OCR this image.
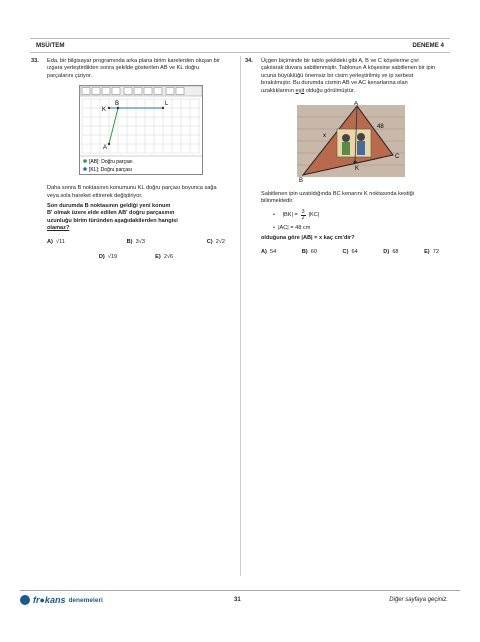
MSÜ/TEM	DENEME 4
33. Eda, bir bilgisayar programında arka plana birim karelerden oluşan bir ızgara yerleştirdikten sonra şekilde gösterilen AB ve KL doğru parçalarını çiziyor.
K
B	L
A
[AB]: Doğru parçası
[KL]: Doğru parçası
Daha sonra B noktasının konumunu KL doğru parçası boyunca sağa veya sola hareket ettirerek değiştiriyor.
Son durumda B noktasının geldiği yeni konum
B' olmak üzere elde edilen AB' doğru parçasının
uzunluğu birim türünden aşağıdakilerden hangisi
olamaz?
A) √11	B) 3√3	C) 2√2
D) √19	E) 2√6
34. Üçgen biçiminde bir tablo şekildeki gibi A, B ve C köşelerine çivi çakılarak duvara sabitlenmiştir. Tablonun A köşesine sabitlenen bir ipin ucuna büyüklüğü önemsiz bir cisim yerleştirilmiş ve ip serbest bırakılmıştır. Bu durumda cismin AB ve AC kenarlarına olan uzaklıklarının eşit olduğu görülmüştür.
A
B
C
K
x
48
Sabitlenen ipin uzatıldığında BC kenarını K noktasında kestiği bilinmektedir.
•
$|BK| = \frac{3}{2} |KC|$
• |AC| = 48 cm
olduğuna göre |AB| = x kaç cm'dir?
A) 54	B) 60	C) 64	D) 68	E) 72
fr●kans denemeleri	31	Diğer sayfaya geçiniz.
